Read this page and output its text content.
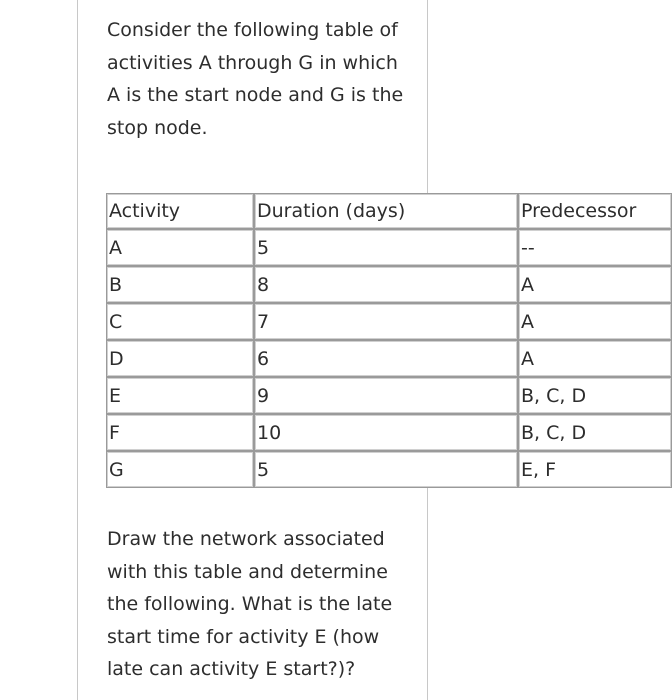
Consider the following table of activities A through G in which A is the start node and G is the stop node.

Activity	Duration (days)	Predecessor
A	5	--
B	8	A
C	7	A
D	6	A
E	9	B, C, D
F	10	B, C, D
G	5	E, F

Draw the network associated with this table and determine the following. What is the late start time for activity E (how late can activity E start?)?
